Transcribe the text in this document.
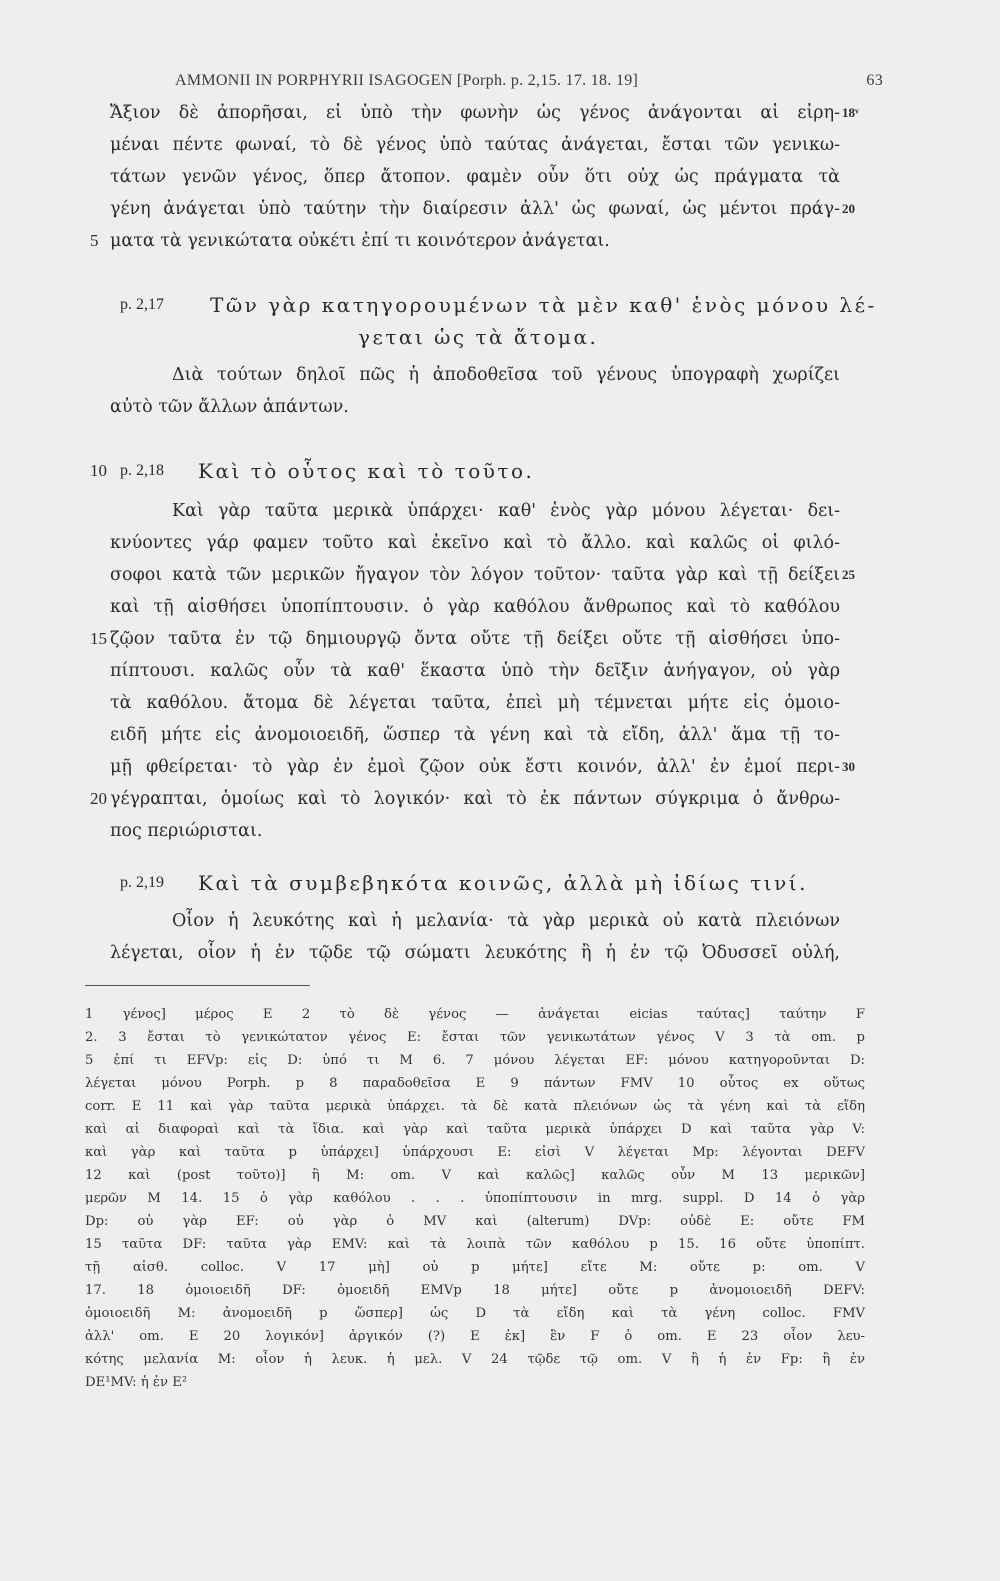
AMMONII IN PORPHYRII ISAGOGEN [Porph. p. 2,15. 17. 18. 19]	63
Ἄξιον δὲ ἀπορῆσαι, εἰ ὑπὸ τὴν φωνὴν ὡς γένος ἀνάγονται αἱ εἰρη- 18ᵛ
μέναι πέντε φωναί, τὸ δὲ γένος ὑπὸ ταύτας ἀνάγεται, ἔσται τῶν γενικω-
τάτων γενῶν γένος, ὅπερ ἄτοπον. φαμὲν οὖν ὅτι οὐχ ὡς πράγματα τὰ
γένη ἀνάγεται ὑπὸ ταύτην τὴν διαίρεσιν ἀλλ' ὡς φωναί, ὡς μέντοι πράγ- 20
5 ματα τὰ γενικώτατα οὐκέτι ἐπί τι κοινότερον ἀνάγεται.
p. 2,17 Τῶν γὰρ κατηγορουμένων τὰ μὲν καθ' ἑνὸς μόνου λέ-
γεται ὡς τὰ ἄτομα.
Διὰ τούτων δηλοῖ πῶς ἡ ἀποδοθεῖσα τοῦ γένους ὑπογραφὴ χωρίζει
αὐτὸ τῶν ἄλλων ἁπάντων.
10 p. 2,18 Καὶ τὸ οὗτος καὶ τὸ τοῦτο.
Καὶ γὰρ ταῦτα μερικὰ ὑπάρχει· καθ' ἑνὸς γὰρ μόνου λέγεται· δει-
κνύοντες γάρ φαμεν τοῦτο καὶ ἐκεῖνο καὶ τὸ ἄλλο. καὶ καλῶς οἱ φιλό-
σοφοι κατὰ τῶν μερικῶν ἤγαγον τὸν λόγον τοῦτον· ταῦτα γὰρ καὶ τῇ δείξει 25
καὶ τῇ αἰσθήσει ὑποπίπτουσιν. ὁ γὰρ καθόλου ἄνθρωπος καὶ τὸ καθόλου
15 ζῷον ταῦτα ἐν τῷ δημιουργῷ ὄντα οὔτε τῇ δείξει οὔτε τῇ αἰσθήσει ὑπο-
πίπτουσι. καλῶς οὖν τὰ καθ' ἕκαστα ὑπὸ τὴν δεῖξιν ἀνήγαγον, οὐ γὰρ
τὰ καθόλου. ἄτομα δὲ λέγεται ταῦτα, ἐπεὶ μὴ τέμνεται μήτε εἰς ὁμοιο-
ειδῆ μήτε εἰς ἀνομοιοειδῆ, ὥσπερ τὰ γένη καὶ τὰ εἴδη, ἀλλ' ἅμα τῇ το-
μῇ φθείρεται· τὸ γὰρ ἐν ἐμοὶ ζῷον οὐκ ἔστι κοινόν, ἀλλ' ἐν ἐμοί περι- 30
20 γέγραπται, ὁμοίως καὶ τὸ λογικόν· καὶ τὸ ἐκ πάντων σύγκριμα ὁ ἄνθρω-
πος περιώρισται.
p. 2,19 Καὶ τὰ συμβεβηκότα κοινῶς, ἀλλὰ μὴ ἰδίως τινί.
Οἷον ἡ λευκότης καὶ ἡ μελανία· τὰ γὰρ μερικὰ οὐ κατὰ πλειόνων
λέγεται, οἷον ἡ ἐν τῷδε τῷ σώματι λευκότης ἢ ἡ ἐν τῷ Ὀδυσσεῖ οὐλή,
1 γένος] μέρος E 2 τὸ δὲ γένος — ἀνάγεται eicias ταύτας] ταύτην F
2. 3 ἔσται τὸ γενικώτατον γένος E: ἔσται τῶν γενικωτάτων γένος V 3 τὰ om. p
5 ἐπί τι EFVp: εἰς D: ὑπό τι M 6. 7 μόνου λέγεται EF: μόνου κατηγοροῦνται D:
λέγεται μόνου Porph. p 8 παραδοθεῖσα E 9 πάντων FMV 10 οὗτος ex οὕτως
corr. E 11 καὶ γὰρ ταῦτα μερικὰ ὑπάρχει. τὰ δὲ κατὰ πλειόνων ὡς τὰ γένη καὶ τὰ εἴδη
καὶ αἱ διαφοραὶ καὶ τὰ ἴδια. καὶ γὰρ καὶ ταῦτα μερικὰ ὑπάρχει D καὶ ταῦτα γὰρ V:
καὶ γὰρ καὶ ταῦτα p ὑπάρχει] ὑπάρχουσι E: εἰσὶ V λέγεται Mp: λέγονται DEFV
12 καὶ (post τοῦτο)] ἢ M: om. V καὶ καλῶς] καλῶς οὖν M 13 μερικῶν]
μερῶν M 14. 15 ὁ γὰρ καθόλου . . . ὑποπίπτουσιν in mrg. suppl. D 14 ὁ γὰρ
Dp: οὐ γὰρ EF: οὐ γὰρ ὁ MV καὶ (alterum) DVp: οὐδὲ E: οὔτε FM
15 ταῦτα DF: ταῦτα γὰρ EMV: καὶ τὰ λοιπὰ τῶν καθόλου p 15. 16 οὔτε ὑποπίπτ.
τῇ αἰσθ. colloc. V 17 μὴ] οὐ p μήτε] εἴτε M: οὔτε p: om. V
17. 18 ὁμοιοειδῆ DF: ὁμοειδῆ EMVp 18 μήτε] οὔτε p ἀνομοιοειδῆ DEFV:
ὁμοιοειδῆ M: ἀνομοειδῆ p ὥσπερ] ὡς D τὰ εἴδη καὶ τὰ γένη colloc. FMV
ἀλλ' om. E 20 λογικόν] ἀργικόν (?) E ἐκ] ἓν F ὁ om. E 23 οἷον λευ-
κότης μελανία M: οἷον ἡ λευκ. ἡ μελ. V 24 τῷδε τῷ om. V ἢ ἡ ἐν Fp: ἢ ἐν
DE¹MV: ἡ ἐν E²
